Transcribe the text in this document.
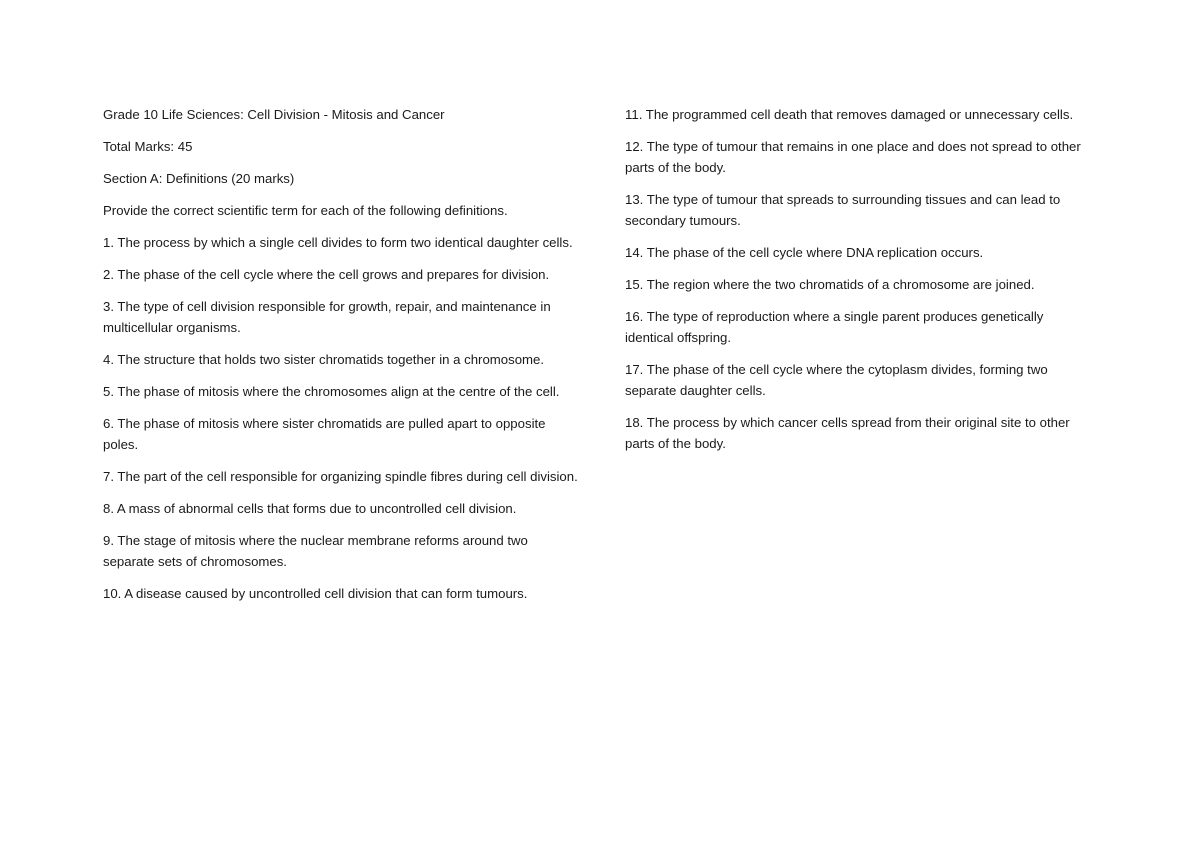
Grade 10 Life Sciences: Cell Division - Mitosis and Cancer

Total Marks: 45

Section A: Definitions (20 marks)

Provide the correct scientific term for each of the following definitions.

1. The process by which a single cell divides to form two identical daughter cells.

2. The phase of the cell cycle where the cell grows and prepares for division.

3. The type of cell division responsible for growth, repair, and maintenance in multicellular organisms.

4. The structure that holds two sister chromatids together in a chromosome.

5. The phase of mitosis where the chromosomes align at the centre of the cell.

6. The phase of mitosis where sister chromatids are pulled apart to opposite poles.

7. The part of the cell responsible for organizing spindle fibres during cell division.

8. A mass of abnormal cells that forms due to uncontrolled cell division.

9. The stage of mitosis where the nuclear membrane reforms around two separate sets of chromosomes.

10. A disease caused by uncontrolled cell division that can form tumours.

11. The programmed cell death that removes damaged or unnecessary cells.

12. The type of tumour that remains in one place and does not spread to other parts of the body.

13. The type of tumour that spreads to surrounding tissues and can lead to secondary tumours.

14. The phase of the cell cycle where DNA replication occurs.

15. The region where the two chromatids of a chromosome are joined.

16. The type of reproduction where a single parent produces genetically identical offspring.

17. The phase of the cell cycle where the cytoplasm divides, forming two separate daughter cells.

18. The process by which cancer cells spread from their original site to other parts of the body.
